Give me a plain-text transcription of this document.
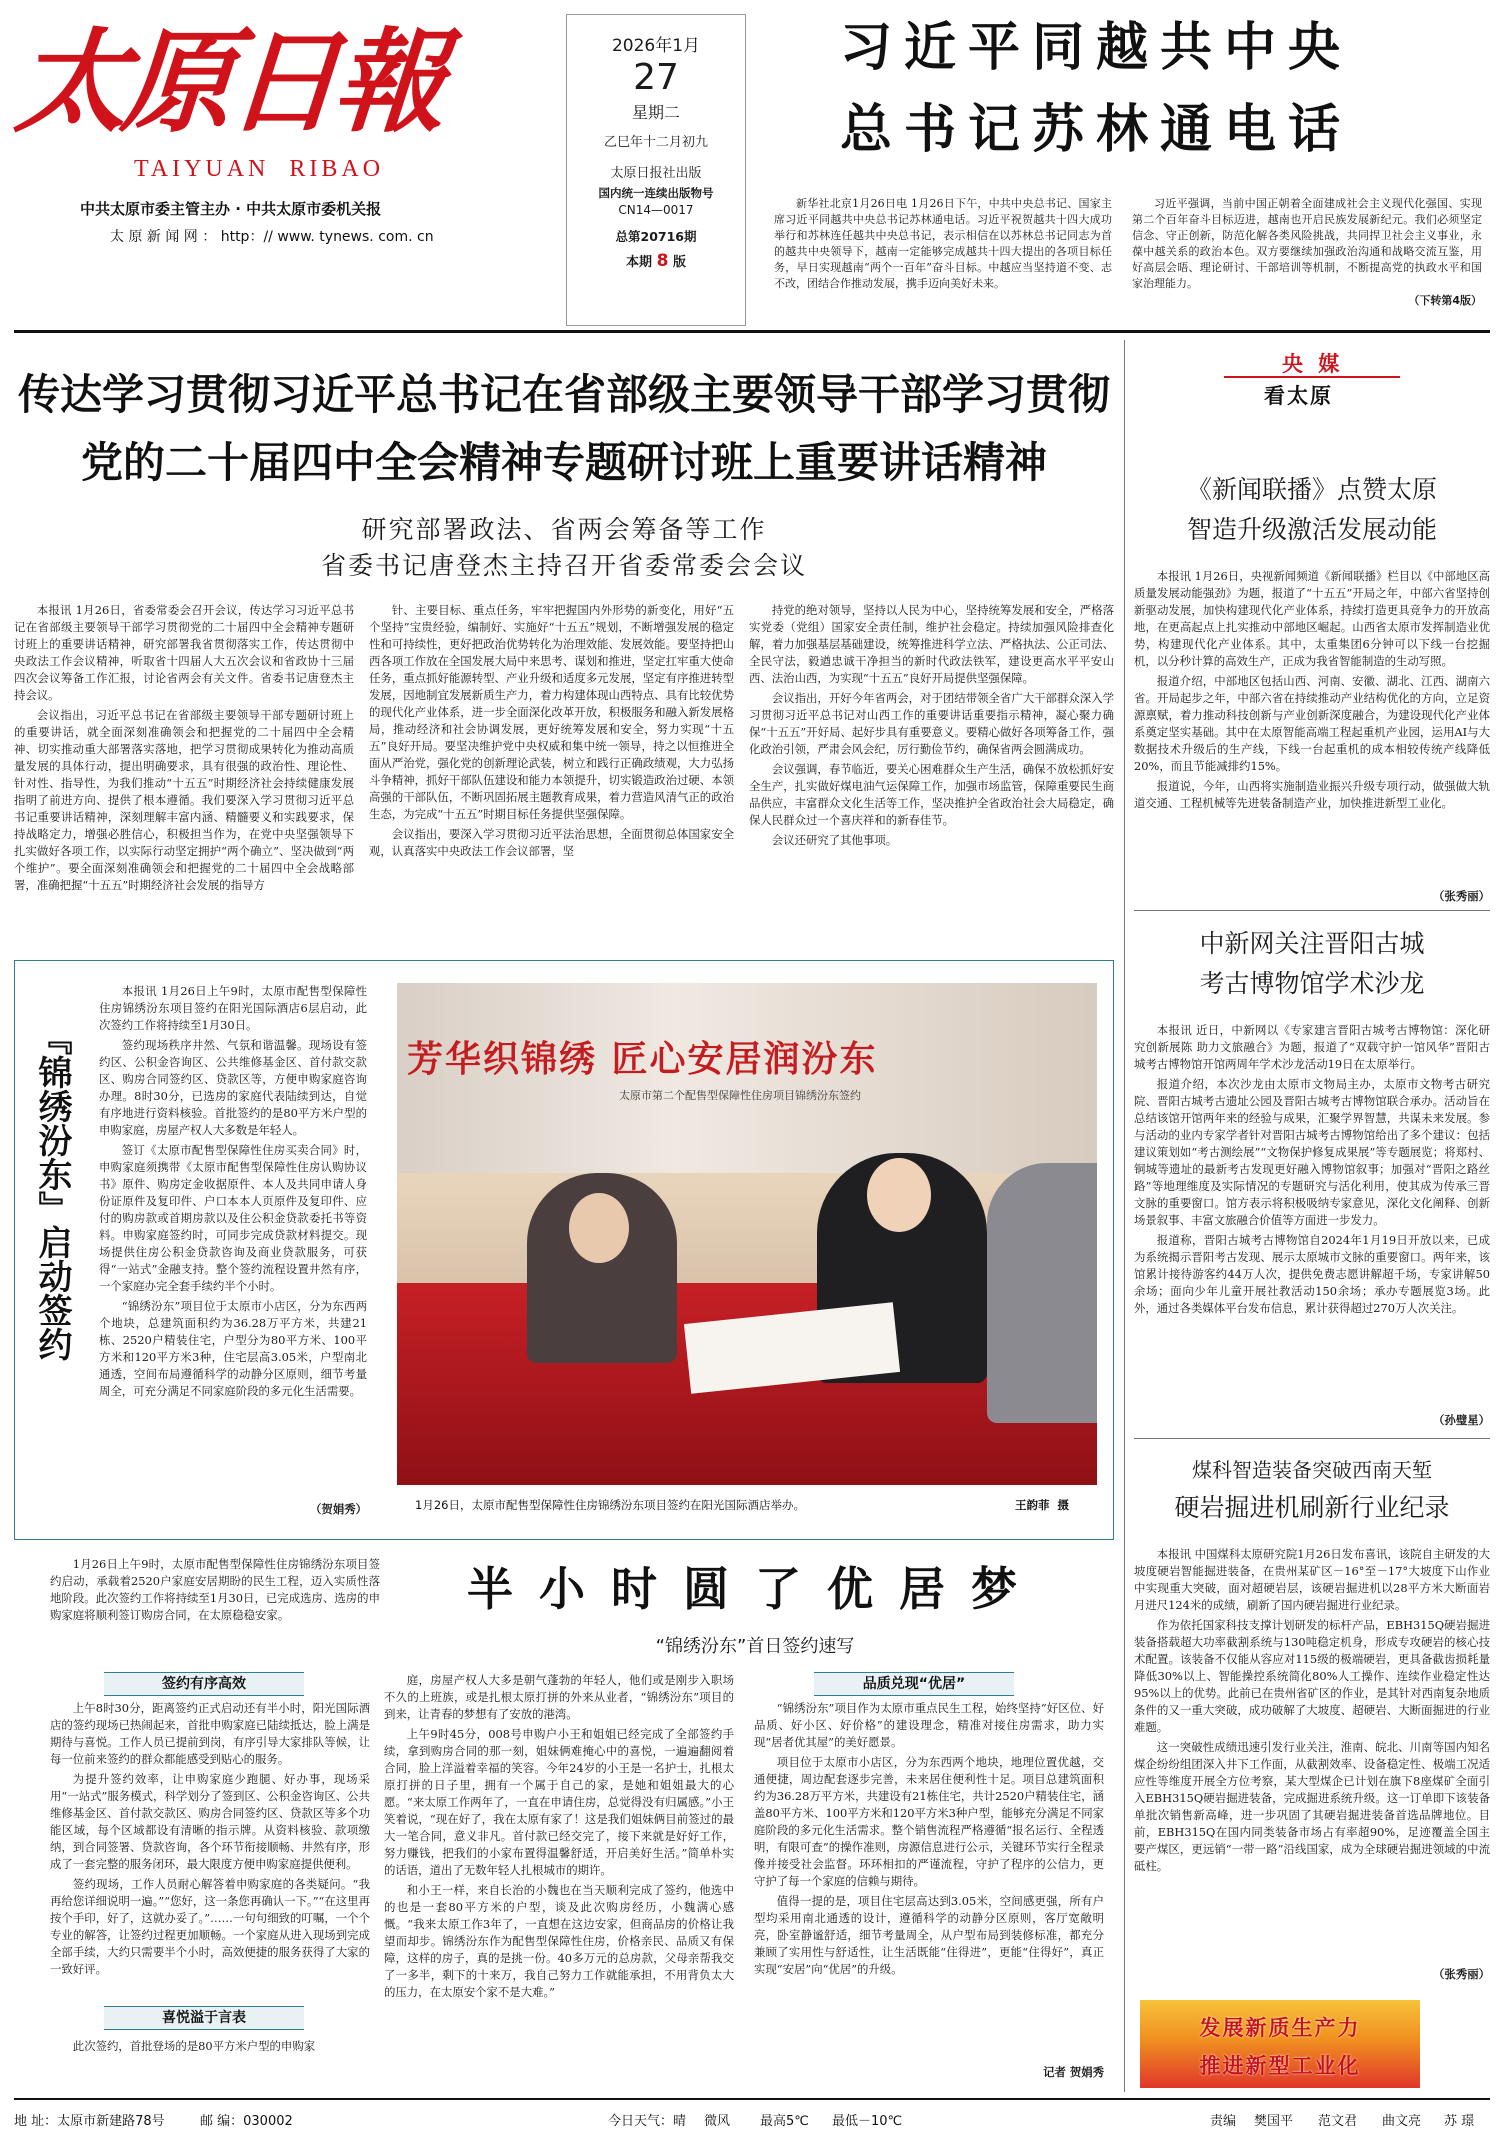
太原日報
TAIYUAN  RIBAO
中共太原市委主管主办 · 中共太原市委机关报
太 原 新 闻 网 ： http：// www. tynews. com. cn
2026年1月
27
星期二
乙巳年十二月初九
太原日报社出版
国内统一连续出版物号
CN14—0017
总第20716期
本期 8 版
习近平同越共中央
总书记苏林通电话

新华社北京1月26日电 1月26日下午，中共中央总书记、国家主席习近平同越共中央总书记苏林通电话。习近平祝贺越共十四大成功举行和苏林连任越共中央总书记，表示相信在以苏林总书记同志为首的越共中央领导下，越南一定能够完成越共十四大提出的各项目标任务，早日实现越南“两个一百年”奋斗目标。中越应当坚持道不变、志不改，团结合作推动发展，携手迈向美好未来。

习近平强调，当前中国正朝着全面建成社会主义现代化强国、实现第二个百年奋斗目标迈进，越南也开启民族发展新纪元。我们必须坚定信念、守正创新，防范化解各类风险挑战，共同捍卫社会主义事业，永葆中越关系的政治本色。双方要继续加强政治沟通和战略交流互鉴，用好高层会晤、理论研讨、干部培训等机制，不断提高党的执政水平和国家治理能力。

（下转第4版）
传达学习贯彻习近平总书记在省部级主要领导干部学习贯彻
党的二十届四中全会精神专题研讨班上重要讲话精神
研究部署政法、省两会筹备等工作
省委书记唐登杰主持召开省委常委会会议

本报讯 1月26日，省委常委会召开会议，传达学习习近平总书记在省部级主要领导干部学习贯彻党的二十届四中全会精神专题研讨班上的重要讲话精神，研究部署我省贯彻落实工作，传达贯彻中央政法工作会议精神，听取省十四届人大五次会议和省政协十三届四次会议筹备工作汇报，讨论省两会有关文件。省委书记唐登杰主持会议。

会议指出，习近平总书记在省部级主要领导干部专题研讨班上的重要讲话，就全面深刻准确领会和把握党的二十届四中全会精神、切实推动重大部署落实落地，把学习贯彻成果转化为推动高质量发展的具体行动，提出明确要求，具有很强的政治性、理论性、针对性、指导性，为我们推动“十五五”时期经济社会持续健康发展指明了前进方向、提供了根本遵循。我们要深入学习贯彻习近平总书记重要讲话精神，深刻理解丰富内涵、精髓要义和实践要求，保持战略定力，增强必胜信心，积极担当作为，在党中央坚强领导下扎实做好各项工作，以实际行动坚定拥护“两个确立”、坚决做到“两个维护”。要全面深刻准确领会和把握党的二十届四中全会战略部署，准确把握“十五五”时期经济社会发展的指导方

针、主要目标、重点任务，牢牢把握国内外形势的新变化，用好“五个坚持”宝贵经验，编制好、实施好“十五五”规划，不断增强发展的稳定性和可持续性，更好把政治优势转化为治理效能、发展效能。要坚持把山西各项工作放在全国发展大局中来思考、谋划和推进，坚定扛牢重大使命任务，重点抓好能源转型、产业升级和适度多元发展，坚定有序推进转型发展，因地制宜发展新质生产力，着力构建体现山西特点、具有比较优势的现代化产业体系，进一步全面深化改革开放，积极服务和融入新发展格局，推动经济和社会协调发展，更好统筹发展和安全，努力实现“十五五”良好开局。要坚决维护党中央权威和集中统一领导，持之以恒推进全面从严治党，强化党的创新理论武装，树立和践行正确政绩观，大力弘扬斗争精神，抓好干部队伍建设和能力本领提升，切实锻造政治过硬、本领高强的干部队伍，不断巩固拓展主题教育成果，着力营造风清气正的政治生态，为完成“十五五”时期目标任务提供坚强保障。

会议指出，要深入学习贯彻习近平法治思想，全面贯彻总体国家安全观，认真落实中央政法工作会议部署，坚

持党的绝对领导，坚持以人民为中心，坚持统筹发展和安全，严格落实党委（党组）国家安全责任制，维护社会稳定。持续加强风险排查化解，着力加强基层基础建设，统筹推进科学立法、严格执法、公正司法、全民守法，毅遒忠诚干净担当的新时代政法铁军，建设更高水平平安山西、法治山西，为实现“十五五”良好开局提供坚强保障。

会议指出，开好今年省两会，对于团结带领全省广大干部群众深入学习贯彻习近平总书记对山西工作的重要讲话重要指示精神，凝心聚力确保“十五五”开好局、起好步具有重要意义。要精心做好各项筹备工作，强化政治引领，严肃会风会纪，厉行勤俭节约，确保省两会圆满成功。

会议强调，春节临近，要关心困难群众生产生活，确保不放松抓好安全生产，扎实做好煤电油气运保障工作，加强市场监管，保障重要民生商品供应，丰富群众文化生活等工作，坚决推护全省政治社会大局稳定，确保人民群众过一个喜庆祥和的新春佳节。

会议还研究了其他事项。

央 媒
看太原
《新闻联播》点赞太原
智造升级激活发展动能

本报讯 1月26日，央视新闻频道《新闻联播》栏目以《中部地区高质量发展动能强劲》为题，报道了“十五五”开局之年，中部六省坚持创新驱动发展，加快构建现代化产业体系，持续打造更具竞争力的开放高地，在更高起点上扎实推动中部地区崛起。山西省太原市发挥制造业优势，构建现代化产业体系。其中，太重集团6分钟可以下线一台挖掘机，以分秒计算的高效生产，正成为我省智能制造的生动写照。

报道介绍，中部地区包括山西、河南、安徽、湖北、江西、湖南六省。开局起步之年，中部六省在持续推动产业结构优化的方向，立足资源禀赋，着力推动科技创新与产业创新深度融合，为建设现代化产业体系奠定坚实基础。其中在太原智能高端工程起重机产业园，运用AI与大数据技术升级后的生产线，下线一台起重机的成本相较传统产线降低20%，而且节能减排约15%。

报道说，今年，山西将实施制造业振兴升级专项行动，做强做大轨道交通、工程机械等先进装备制造产业，加快推进新型工业化。

（张秀丽）
中新网关注晋阳古城
考古博物馆学术沙龙

本报讯 近日，中新网以《专家建言晋阳古城考古博物馆：深化研究创新展陈 助力文旅融合》为题，报道了“双载守护一馆风华”晋阳古城考古博物馆开馆两周年学术沙龙活动19日在太原举行。

报道介绍，本次沙龙由太原市文物局主办，太原市文物考古研究院、晋阳古城考古遗址公园及晋阳古城考古博物馆联合承办。活动旨在总结该馆开馆两年来的经验与成果，汇聚学界智慧，共谋未来发展。参与活动的业内专家学者针对晋阳古城考古博物馆给出了多个建议：包括建议策划如“考古测绘展”“文物保护修复成果展”等专题展览；将郑村、铜城等遗址的最新考古发现更好融入博物馆叙事；加强对“晋阳之路丝路”等地理维度及实际情况的专题研究与活化利用，使其成为传承三晋文脉的重要窗口。馆方表示将积极吸纳专家意见，深化文化阐释、创新场景叙事、丰富文旅融合价值等方面进一步发力。

报道称，晋阳古城考古博物馆自2024年1月19日开放以来，已成为系统揭示晋阳考古发现、展示太原城市文脉的重要窗口。两年来，该馆累计接待游客约44万人次，提供免费志愿讲解超千场，专家讲解50余场；面向少年儿童开展社教活动150余场；承办专题展览3场。此外，通过各类媒体平台发布信息，累计获得超过270万人次关注。

（孙璧星）
煤科智造装备突破西南天堑
硬岩掘进机刷新行业纪录

本报讯 中国煤科太原研究院1月26日发布喜讯，该院自主研发的大坡度硬岩智能掘进装备，在贵州某矿区－16°至－17°大坡度下山作业中实现重大突破，面对超硬岩层，该硬岩掘进机以28平方米大断面岩月进尺124米的成绩，刷新了国内硬岩掘进行业纪录。

作为依托国家科技支撑计划研发的标杆产品，EBH315Q硬岩掘进装备搭载超大功率截割系统与130吨稳定机身，形成专攻硬岩的核心技术配置。该装备不仅能从容应对115级的极端硬岩，更具备截齿损耗量降低30%以上、智能操控系统简化80%人工操作、连续作业稳定性达95%以上的优势。此前已在贵州省矿区的作业，是其针对西南复杂地质条件的又一重大突破，成功破解了大坡度、超硬岩、大断面掘进的行业难题。

这一突破性成绩迅速引发行业关注，淮南、皖北、川南等国内知名煤企纷纷组团深入井下工作面，从截割效率、设备稳定性、极端工况适应性等维度开展全方位考察，某大型煤企已计划在旗下8座煤矿全面引入EBH315Q硬岩掘进装备，完成掘进系统升级。这一订单即下该装备单批次销售新高峰，进一步巩固了其硬岩掘进装备首选品牌地位。目前，EBH315Q在国内同类装备市场占有率超90%，足迹覆盖全国主要产煤区，更远销“一带一路”沿线国家，成为全球硬岩掘进领域的中流砥柱。

（张秀丽）
发展新质生产力
推进新型工业化
『锦绣汾东』启动签约

本报讯 1月26日上午9时，太原市配售型保障性住房锦绣汾东项目签约在阳光国际酒店6层启动，此次签约工作将持续至1月30日。

签约现场秩序井然、气氛和谐温馨。现场设有签约区、公积金咨询区、公共维修基金区、首付款交款区、购房合同签约区、贷款区等，方便申购家庭咨询办理。8时30分，已选房的家庭代表陆续到达，自觉有序地进行资料核验。首批签约的是80平方米户型的申购家庭，房屋产权人大多数是年轻人。

签订《太原市配售型保障性住房买卖合同》时，申购家庭须携带《太原市配售型保障性住房认购协议书》原件、购房定金收据原件、本人及共同申请人身份证原件及复印件、户口本本人页原件及复印件、应付的购房款或首期房款以及住公积金贷款委托书等资料。申购家庭签约时，可同步完成贷款材料提交。现场提供住房公积金贷款咨询及商业贷款服务，可获得“一站式”金融支持。整个签约流程设置井然有序，一个家庭办完全套手续约半个小时。

“锦绣汾东”项目位于太原市小店区，分为东西两个地块，总建筑面积约为36.28万平方米，共建21栋、2520户精装住宅，户型分为80平方米、100平方米和120平方米3种，住宅层高3.05米，户型南北通透，空间布局遵循科学的动静分区原则，细节考量周全，可充分满足不同家庭阶段的多元化生活需要。

（贺娟秀）
芳华织锦绣 匠心安居润汾东
太原市第二个配售型保障性住房项目锦绣汾东签约
1月26日，太原市配售型保障性住房锦绣汾东项目签约在阳光国际酒店举办。	王韵菲  摄

1月26日上午9时，太原市配售型保障性住房锦绣汾东项目签约启动，承载着2520户家庭安居期盼的民生工程，迈入实质性落地阶段。此次签约工作将持续至1月30日，已完成选房、选房的申购家庭将顺利签订购房合同，在太原稳稳安家。	半小时圆了优居梦
“锦绣汾东”首日签约速写
签约有序高效

上午8时30分，距离签约正式启动还有半小时，阳光国际酒店的签约现场已热闹起来，首批申购家庭已陆续抵达，脸上满是期待与喜悦。工作人员已提前到岗，有序引导大家排队等候，让每一位前来签约的群众都能感受到贴心的服务。

为提升签约效率，让申购家庭少跑腿、好办事，现场采用“一站式”服务模式，科学划分了签到区、公积金咨询区、公共维修基金区、首付款交款区、购房合同签约区、贷款区等多个功能区域，每个区域都设有清晰的指示牌。从资料核验、款项缴纳，到合同签署、贷款咨询，各个环节衔接顺畅、井然有序，形成了一套完整的服务闭环，最大限度方便申购家庭提供便利。

签约现场，工作人员耐心解答着申购家庭的各类疑问。“我再给您详细说明一遍。”“您好，这一条您再确认一下。”“在这里再按个手印，好了，这就办妥了。”……一句句细致的叮嘱，一个个专业的解答，让签约过程更加顺畅。一个家庭从进入现场到完成全部手续，大约只需要半个小时，高效便捷的服务获得了大家的一致好评。

喜悦溢于言表

此次签约，首批登场的是80平方米户型的申购家

庭，房屋产权人大多是朝气蓬勃的年轻人，他们或是刚步入职场不久的上班族，或是扎根太原打拼的外来从业者，“锦绣汾东”项目的到来，让青春的梦想有了安放的港湾。

上午9时45分，008号申购户小王和姐姐已经完成了全部签约手续，拿到购房合同的那一刻，姐妹俩难掩心中的喜悦，一遍遍翻阅着合同，脸上洋溢着幸福的笑容。今年24岁的小王是一名护士，扎根太原打拼的日子里，拥有一个属于自己的家，是她和姐姐最大的心愿。“来太原工作两年了，一直在申请住房，总觉得没有归属感。”小王笑着说，“现在好了，我在太原有家了！这是我们姐妹俩目前签过的最大一笔合同，意义非凡。首付款已经交完了，接下来就是好好工作，努力赚钱，把我们的小家布置得温馨舒适，开启美好生活。”简单朴实的话语，道出了无数年轻人扎根城市的期许。

和小王一样，来自长治的小魏也在当天顺利完成了签约，他选中的也是一套80平方米的户型，谈及此次购房经历，小魏满心感慨。“我来太原工作3年了，一直想在这边安家，但商品房的价格让我望而却步。锦绣汾东作为配售型保障性住房，价格亲民、品质又有保障，这样的房子，真的是挑一份。40多万元的总房款，父母亲帮我交了一多半，剩下的十来万，我自己努力工作就能承担，不用背负太大的压力，在太原安个家不是大难。”

品质兑现“优居”

“锦绣汾东”项目作为太原市重点民生工程，始终坚持“好区位、好品质、好小区、好价格”的建设理念，精准对接住房需求，助力实现“居者优其屋”的美好愿景。

项目位于太原市小店区，分为东西两个地块，地理位置优越，交通便捷，周边配套逐步完善，未来居住便利性十足。项目总建筑面积约为36.28万平方米，共建设有21栋住宅，共计2520户精装住宅，涵盖80平方米、100平方米和120平方米3种户型，能够充分满足不同家庭阶段的多元化生活需求。整个销售流程严格遵循“报名运行、全程透明，有限可查”的操作准则，房源信息进行公示，关键环节实行全程录像并接受社会监督。环环相扣的严谨流程，守护了程序的公信力，更守护了每一个家庭的信赖与期待。

值得一提的是，项目住宅层高达到3.05米，空间感更强，所有户型均采用南北通透的设计，遵循科学的动静分区原则，客厅宽敞明亮，卧室静谧舒适，细节考量周全，从户型布局到装修标准，都充分兼顾了实用性与舒适性，让生活既能“住得进”，更能“住得好”，真正实现“安居”向“优居”的升级。

记者 贺娟秀
地 址：太原市新建路78号	邮 编：030002	今日天气：晴 微风 最高5℃ 最低－10℃	责编 樊国平 范文君 曲文亮 苏 璟
